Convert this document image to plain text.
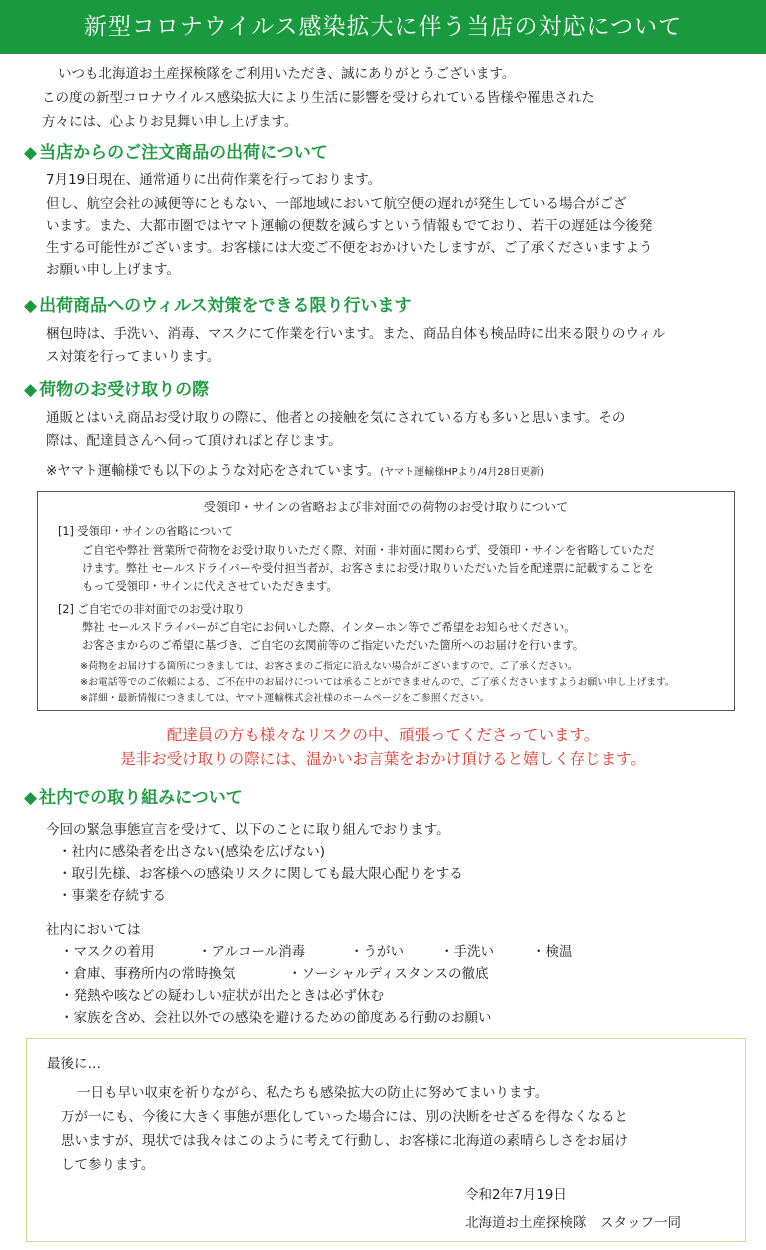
新型コロナウイルス感染拡大に伴う当店の対応について
いつも北海道お土産探検隊をご利用いただき、誠にありがとうございます。
この度の新型コロナウイルス感染拡大により生活に影響を受けられている皆様や罹患された
方々には、心よりお見舞い申し上げます。
◆ 当店からのご注文商品の出荷について
7月19日現在、通常通りに出荷作業を行っております。
但し、航空会社の減便等にともない、一部地域において航空便の遅れが発生している場合がござ
います。また、大都市圏ではヤマト運輸の便数を減らすという情報もでており、若干の遅延は今後発
生する可能性がございます。お客様には大変ご不便をおかけいたしますが、ご了承くださいますよう
お願い申し上げます。
◆ 出荷商品へのウィルス対策をできる限り行います
梱包時は、手洗い、消毒、マスクにて作業を行います。また、商品自体も検品時に出来る限りのウィル
ス対策を行ってまいります。
◆ 荷物のお受け取りの際
通販とはいえ商品お受け取りの際に、他者との接触を気にされている方も多いと思います。その
際は、配達員さんへ伺って頂ければと存じます。
※ヤマト運輸様でも以下のような対応をされています。(ヤマト運輸様HPより/4月28日更新)
受領印・サインの省略および非対面での荷物のお受け取りについて
[1] 受領印・サインの省略について
ご自宅や弊社 営業所で荷物をお受け取りいただく際、対面・非対面に関わらず、受領印・サインを省略していただ
けます。弊社 セールスドライバーや受付担当者が、お客さまにお受け取りいただいた旨を配達票に記載することを
もって受領印・サインに代えさせていただきます。
[2] ご自宅での非対面でのお受け取り
弊社 セールスドライバーがご自宅にお伺いした際、インターホン等でご希望をお知らせください。
お客さまからのご希望に基づき、ご自宅の玄関前等のご指定いただいた箇所へのお届けを行います。
※荷物をお届けする箇所につきましては、お客さまのご指定に沿えない場合がございますので、ご了承ください。
※お電話等でのご依頼による、ご不在中のお届けについては承ることができませんので、ご了承くださいますようお願い申し上げます。
※詳細・最新情報につきましては、ヤマト運輸株式会社様のホームページをご参照ください。
配達員の方も様々なリスクの中、頑張ってくださっています。
是非お受け取りの際には、温かいお言葉をおかけ頂けると嬉しく存じます。
◆ 社内での取り組みについて
今回の緊急事態宣言を受けて、以下のことに取り組んでおります。
・社内に感染者を出さない(感染を広げない)
・取引先様、お客様への感染リスクに関しても最大限心配りをする
・事業を存続する
社内においては
・マスクの着用	・アルコール消毒	・うがい	・手洗い	・検温
・倉庫、事務所内の常時換気	・ソーシャルディスタンスの徹底
・発熱や咳などの疑わしい症状が出たときは必ず休む
・家族を含め、会社以外での感染を避けるための節度ある行動のお願い
最後に…
一日も早い収束を祈りながら、私たちも感染拡大の防止に努めてまいります。
万が一にも、今後に大きく事態が悪化していった場合には、別の決断をせざるを得なくなると
思いますが、現状では我々はこのように考えて行動し、お客様に北海道の素晴らしさをお届け
して参ります。
令和2年7月19日
北海道お土産探検隊　スタッフ一同
